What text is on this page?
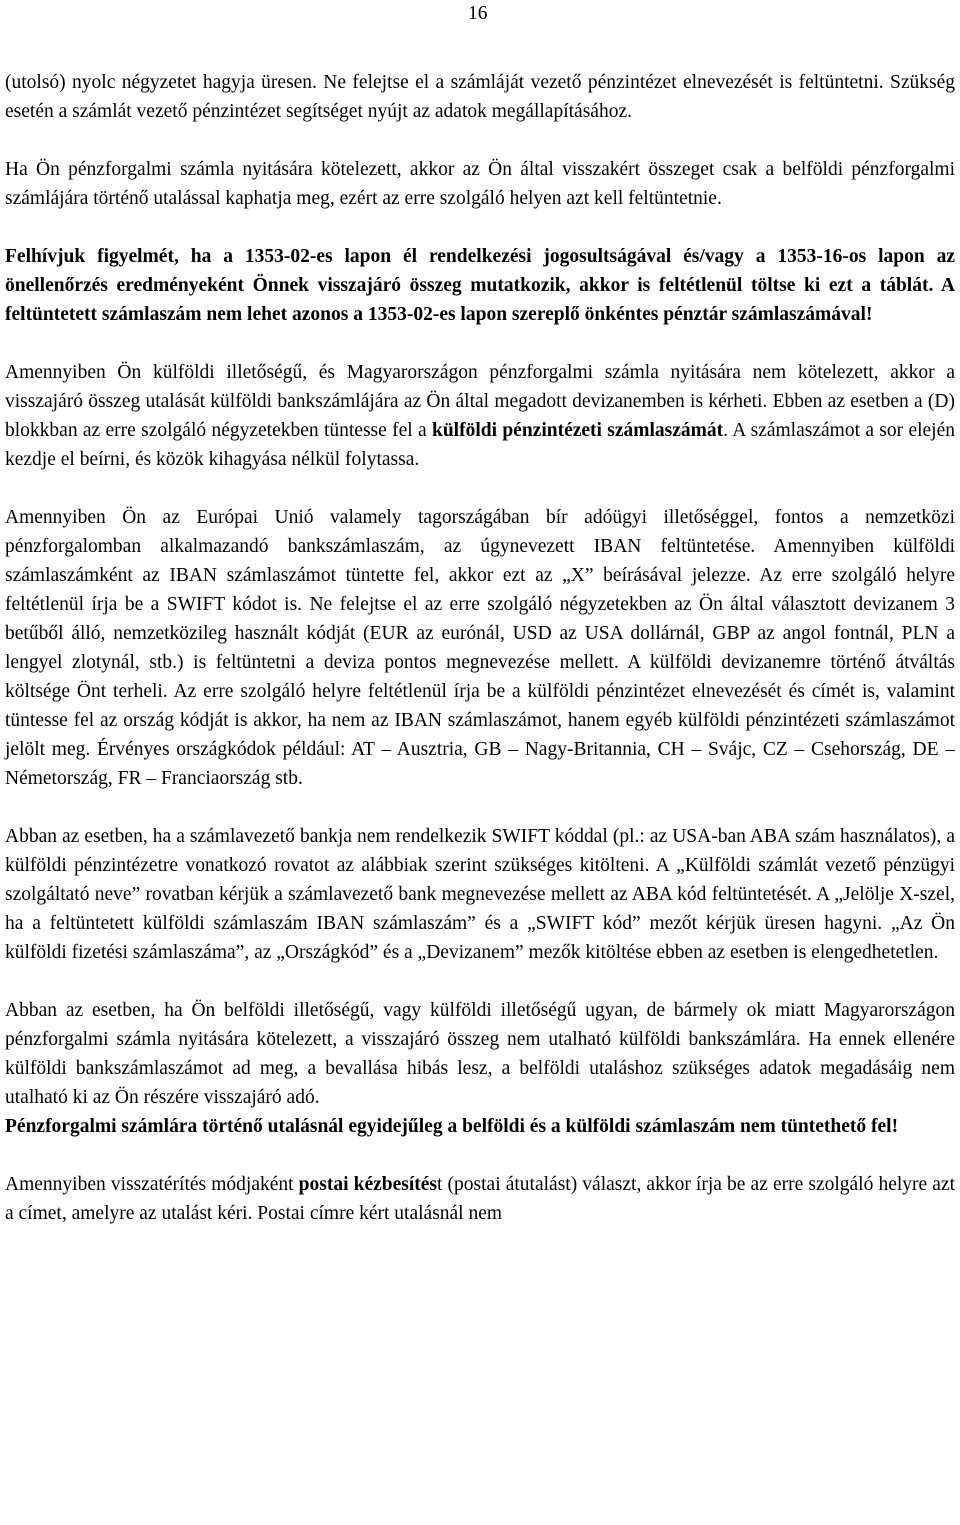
16

(utolsó) nyolc négyzetet hagyja üresen. Ne felejtse el a számláját vezető pénzintézet elnevezését is feltüntetni. Szükség esetén a számlát vezető pénzintézet segítséget nyújt az adatok megállapításához.

Ha Ön pénzforgalmi számla nyitására kötelezett, akkor az Ön által visszakért összeget csak a belföldi pénzforgalmi számlájára történő utalással kaphatja meg, ezért az erre szolgáló helyen azt kell feltüntetnie.

Felhívjuk figyelmét, ha a 1353-02-es lapon él rendelkezési jogosultságával és/vagy a 1353-16-os lapon az önellenőrzés eredményeként Önnek visszajáró összeg mutatkozik, akkor is feltétlenül töltse ki ezt a táblát. A feltüntetett számlaszám nem lehet azonos a 1353-02-es lapon szereplő önkéntes pénztár számlaszámával!

Amennyiben Ön külföldi illetőségű, és Magyarországon pénzforgalmi számla nyitására nem kötelezett, akkor a visszajáró összeg utalását külföldi bankszámlájára az Ön által megadott devizanemben is kérheti. Ebben az esetben a (D) blokkban az erre szolgáló négyzetekben tüntesse fel a külföldi pénzintézeti számlaszámát. A számlaszámot a sor elején kezdje el beírni, és közök kihagyása nélkül folytassa.

Amennyiben Ön az Európai Unió valamely tagországában bír adóügyi illetőséggel, fontos a nemzetközi pénzforgalomban alkalmazandó bankszámlaszám, az úgynevezett IBAN feltüntetése. Amennyiben külföldi számlaszámként az IBAN számlaszámot tüntette fel, akkor ezt az „X” beírásával jelezze. Az erre szolgáló helyre feltétlenül írja be a SWIFT kódot is. Ne felejtse el az erre szolgáló négyzetekben az Ön által választott devizanem 3 betűből álló, nemzetközileg használt kódját (EUR az eurónál, USD az USA dollárnál, GBP az angol fontnál, PLN a lengyel zlotynál, stb.) is feltüntetni a deviza pontos megnevezése mellett. A külföldi devizanemre történő átváltás költsége Önt terheli. Az erre szolgáló helyre feltétlenül írja be a külföldi pénzintézet elnevezését és címét is, valamint tüntesse fel az ország kódját is akkor, ha nem az IBAN számlaszámot, hanem egyéb külföldi pénzintézeti számlaszámot jelölt meg. Érvényes országkódok például: AT – Ausztria, GB – Nagy-Britannia, CH – Svájc, CZ – Csehország, DE – Németország, FR – Franciaország stb.

Abban az esetben, ha a számlavezető bankja nem rendelkezik SWIFT kóddal (pl.: az USA-ban ABA szám használatos), a külföldi pénzintézetre vonatkozó rovatot az alábbiak szerint szükséges kitölteni. A „Külföldi számlát vezető pénzügyi szolgáltató neve” rovatban kérjük a számlavezető bank megnevezése mellett az ABA kód feltüntetését. A „Jelölje X-szel, ha a feltüntetett külföldi számlaszám IBAN számlaszám” és a „SWIFT kód” mezőt kérjük üresen hagyni. „Az Ön külföldi fizetési számlaszáma”, az „Országkód” és a „Devizanem” mezők kitöltése ebben az esetben is elengedhetetlen.

Abban az esetben, ha Ön belföldi illetőségű, vagy külföldi illetőségű ugyan, de bármely ok miatt Magyarországon pénzforgalmi számla nyitására kötelezett, a visszajáró összeg nem utalható külföldi bankszámlára. Ha ennek ellenére külföldi bankszámlaszámot ad meg, a bevallása hibás lesz, a belföldi utaláshoz szükséges adatok megadásáig nem utalható ki az Ön részére visszajáró adó.

Pénzforgalmi számlára történő utalásnál egyidejűleg a belföldi és a külföldi számlaszám nem tüntethető fel!

Amennyiben visszatérítés módjaként postai kézbesítést (postai átutalást) választ, akkor írja be az erre szolgáló helyre azt a címet, amelyre az utalást kéri. Postai címre kért utalásnál nem
